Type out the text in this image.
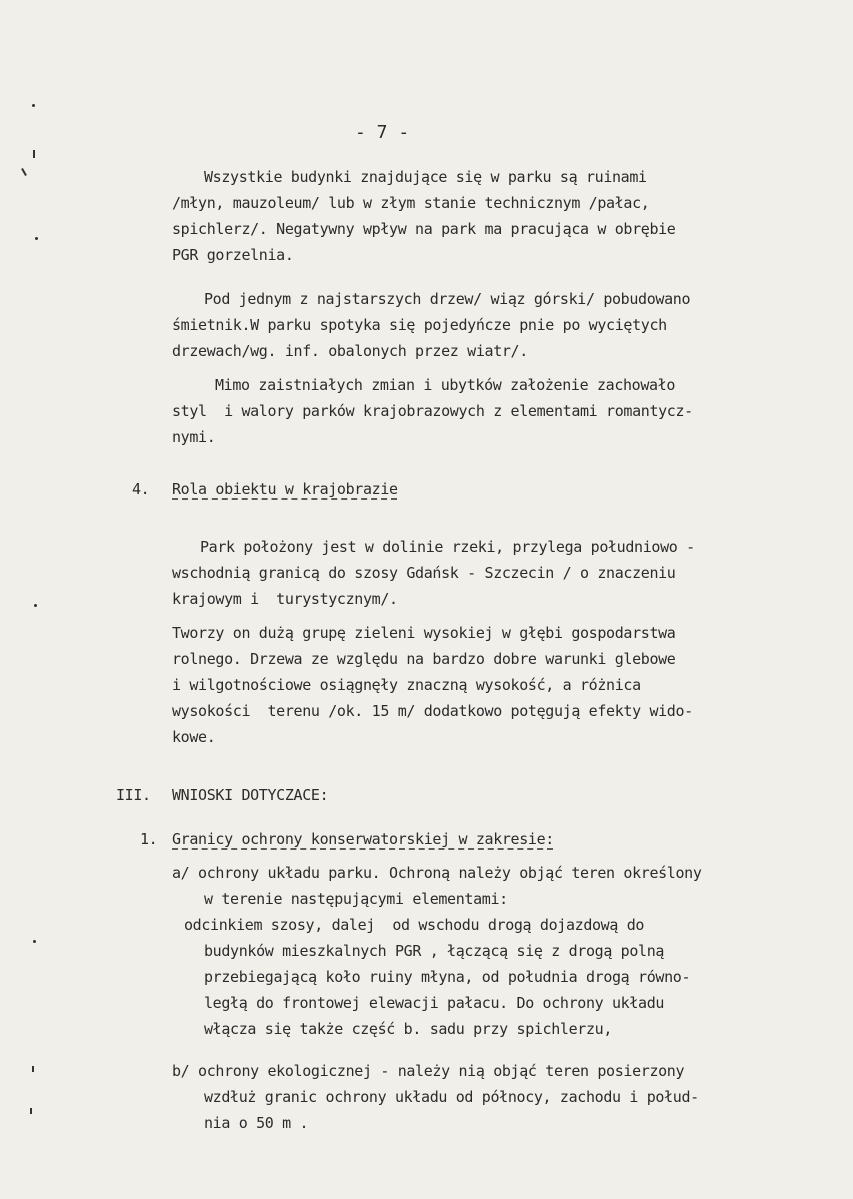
- 7 -
Wszystkie budynki znajdujące się w parku są ruinami
/młyn, mauzoleum/ lub w złym stanie technicznym /pałac,
spichlerz/. Negatywny wpływ na park ma pracująca w obrębie
PGR gorzelnia.
Pod jednym z najstarszych drzew/ wiąz górski/ pobudowano
śmietnik.W parku spotyka się pojedyńcze pnie po wyciętych
drzewach/wg. inf. obalonych przez wiatr/.
Mimo zaistniałych zmian i ubytków założenie zachowało
styl  i walory parków krajobrazowych z elementami romantycz-
nymi.
4. Rola obiektu w krajobrazie
Park położony jest w dolinie rzeki, przylega południowo -
wschodnią granicą do szosy Gdańsk - Szczecin / o znaczeniu
krajowym i  turystycznym/.
Tworzy on dużą grupę zieleni wysokiej w głębi gospodarstwa
rolnego. Drzewa ze względu na bardzo dobre warunki glebowe
i wilgotnościowe osiągnęły znaczną wysokość, a różnica
wysokości  terenu /ok. 15 m/ dodatkowo potęgują efekty wido-
kowe.
III. WNIOSKI DOTYCZACE:
1. Granicy ochrony konserwatorskiej w zakresie:
a/ ochrony układu parku. Ochroną należy objąć teren określony
w terenie następującymi elementami:
odcinkiem szosy, dalej  od wschodu drogą dojazdową do
budynków mieszkalnych PGR , łączącą się z drogą polną
przebiegającą koło ruiny młyna, od południa drogą równo-
ległą do frontowej elewacji pałacu. Do ochrony układu
włącza się także część b. sadu przy spichlerzu,
b/ ochrony ekologicznej - należy nią objąć teren posierzony
wzdłuż granic ochrony układu od północy, zachodu i połud-
nia o 50 m .
